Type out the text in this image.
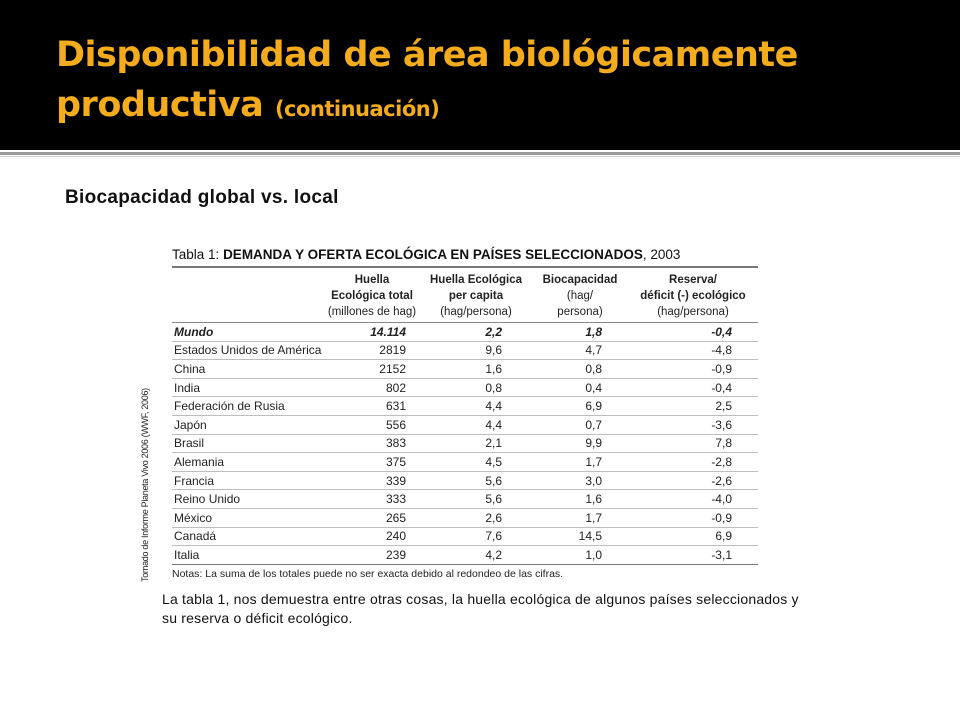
Disponibilidad de área biológicamente productiva (continuación)
Biocapacidad global vs. local
Tomado de Informe Planeta Vivo 2006 (WWF, 2006)
Tabla 1: DEMANDA Y OFERTA ECOLÓGICA EN PAÍSES SELECCIONADOS, 2003
	Huella
Ecológica total
(millones de hag)	Huella Ecológica
per capita
(hag/persona)	Biocapacidad
(hag/
persona)	Reserva/
déficit (-) ecológico
(hag/persona)
Mundo	14.114	2,2	1,8	-0,4
Estados Unidos de América	2819	9,6	4,7	-4,8
China	2152	1,6	0,8	-0,9
India	802	0,8	0,4	-0,4
Federación de Rusia	631	4,4	6,9	2,5
Japón	556	4,4	0,7	-3,6
Brasil	383	2,1	9,9	7,8
Alemania	375	4,5	1,7	-2,8
Francia	339	5,6	3,0	-2,6
Reino Unido	333	5,6	1,6	-4,0
México	265	2,6	1,7	-0,9
Canadá	240	7,6	14,5	6,9
Italia	239	4,2	1,0	-3,1
Notas: La suma de los totales puede no ser exacta debido al redondeo de las cifras.
La tabla 1, nos demuestra entre otras cosas, la huella ecológica de algunos países seleccionados y su reserva o déficit ecológico.
